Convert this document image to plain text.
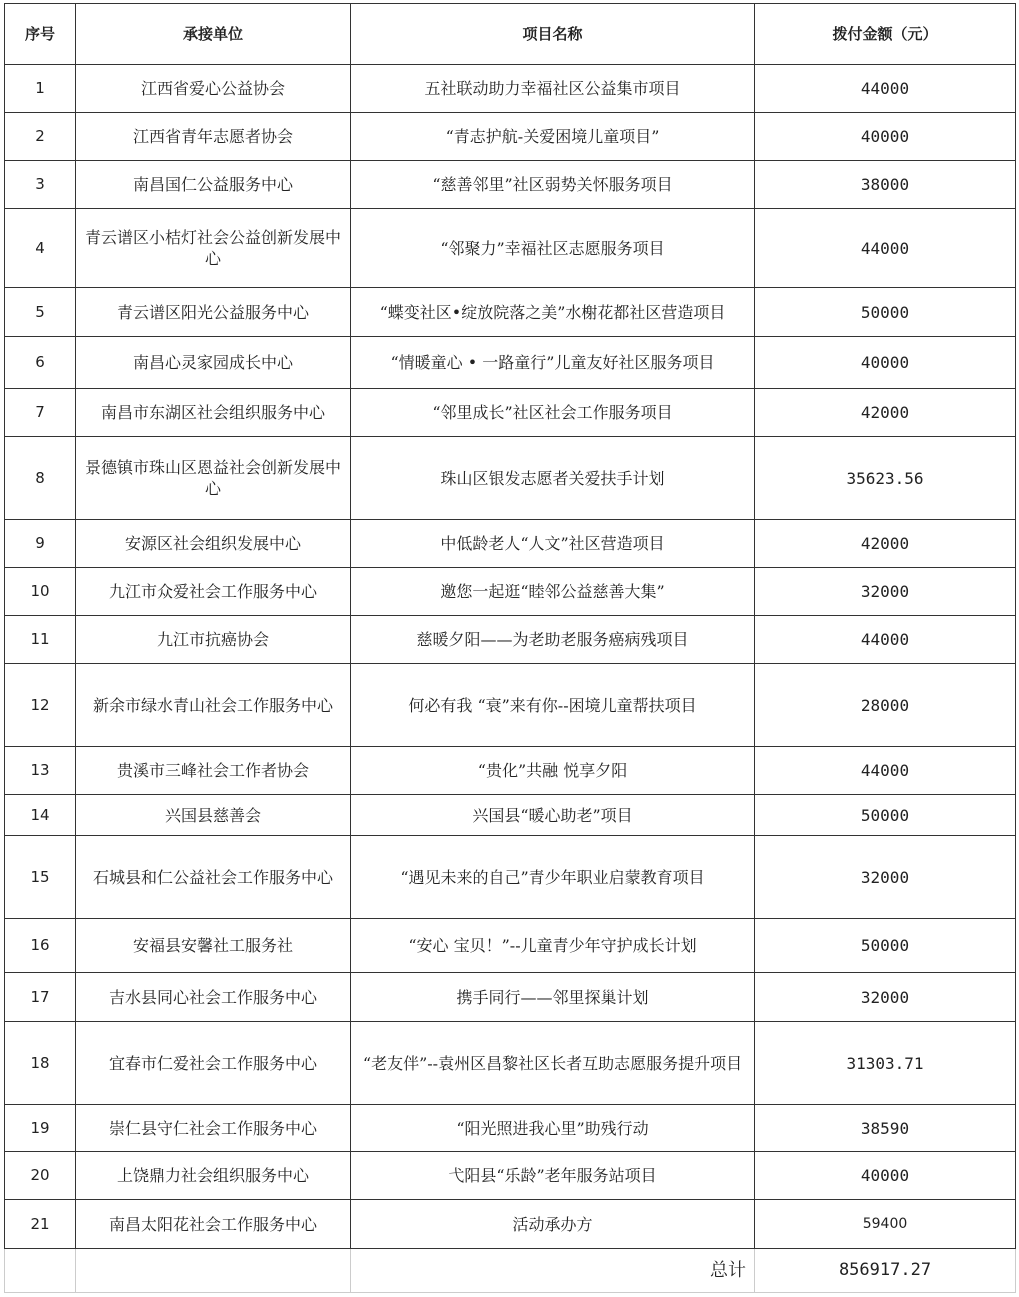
序号	承接单位	项目名称	拨付金额（元）
1	江西省爱心公益协会	五社联动助力幸福社区公益集市项目	44000
2	江西省青年志愿者协会	“青志护航-关爱困境儿童项目”	40000
3	南昌国仁公益服务中心	“慈善邻里”社区弱势关怀服务项目	38000
4	青云谱区小桔灯社会公益创新发展中心	“邻聚力”幸福社区志愿服务项目	44000
5	青云谱区阳光公益服务中心	“蝶变社区•绽放院落之美”水榭花都社区营造项目	50000
6	南昌心灵家园成长中心	“情暖童心 • 一路童行”儿童友好社区服务项目	40000
7	南昌市东湖区社会组织服务中心	“邻里成长”社区社会工作服务项目	42000
8	景德镇市珠山区恩益社会创新发展中心	珠山区银发志愿者关爱扶手计划	35623.56
9	安源区社会组织发展中心	中低龄老人“人文”社区营造项目	42000
10	九江市众爱社会工作服务中心	邀您一起逛“睦邻公益慈善大集”	32000
11	九江市抗癌协会	慈暖夕阳——为老助老服务癌病残项目	44000
12	新余市绿水青山社会工作服务中心	何必有我 “衰”来有你--困境儿童帮扶项目	28000
13	贵溪市三峰社会工作者协会	“贵化”共融 悦享夕阳	44000
14	兴国县慈善会	兴国县“暖心助老”项目	50000
15	石城县和仁公益社会工作服务中心	“遇见未来的自己”青少年职业启蒙教育项目	32000
16	安福县安馨社工服务社	“安心 宝贝！”--儿童青少年守护成长计划	50000
17	吉水县同心社会工作服务中心	携手同行——邻里探巢计划	32000
18	宜春市仁爱社会工作服务中心	“老友伴”--袁州区昌黎社区长者互助志愿服务提升项目	31303.71
19	崇仁县守仁社会工作服务中心	“阳光照进我心里”助残行动	38590
20	上饶鼎力社会组织服务中心	弋阳县“乐龄”老年服务站项目	40000
21	南昌太阳花社会工作服务中心	活动承办方	59400
		总计	856917.27
